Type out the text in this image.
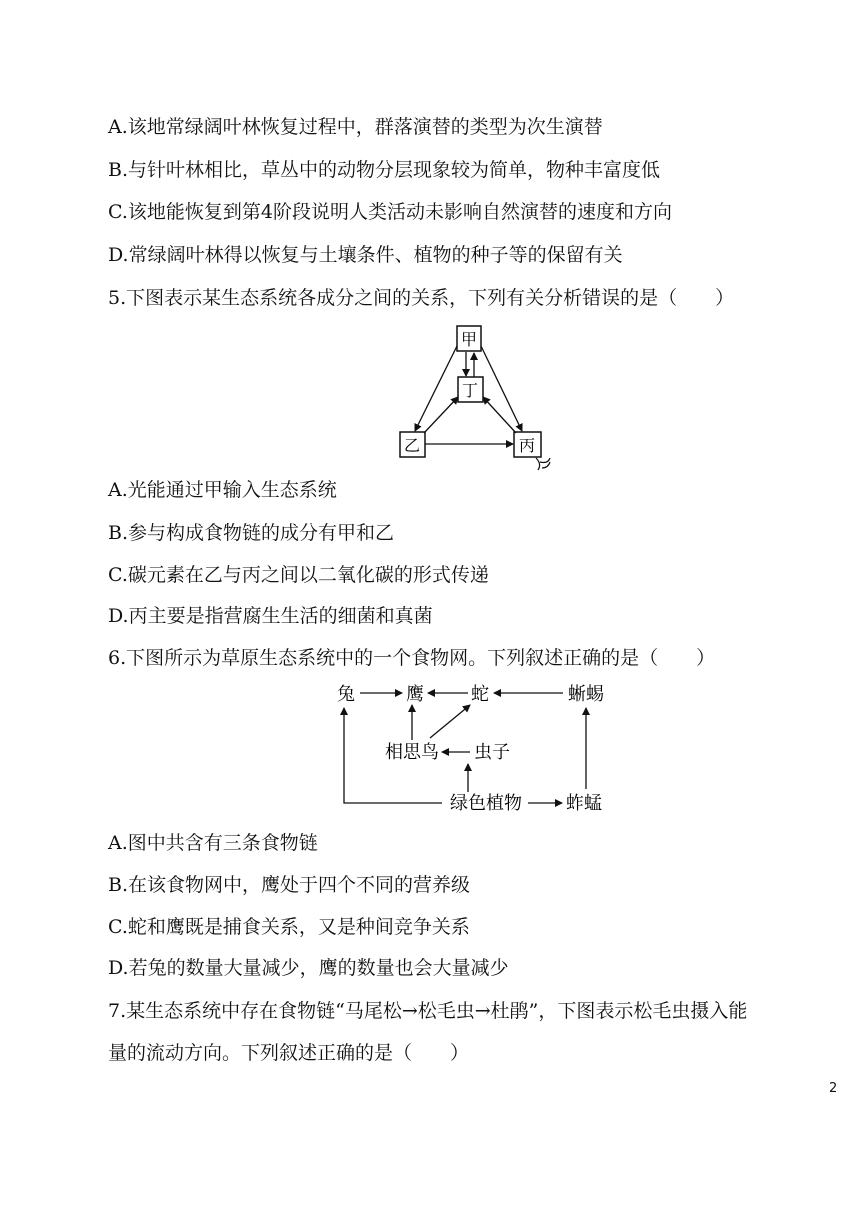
A.该地常绿阔叶林恢复过程中，群落演替的类型为次生演替
B.与针叶林相比，草丛中的动物分层现象较为简单，物种丰富度低
C.该地能恢复到第4阶段说明人类活动未影响自然演替的速度和方向
D.常绿阔叶林得以恢复与土壤条件、植物的种子等的保留有关
5.下图表示某生态系统各成分之间的关系，下列有关分析错误的是（　　）
甲
丁
乙	丙
A.光能通过甲输入生态系统
B.参与构成食物链的成分有甲和乙
C.碳元素在乙与丙之间以二氧化碳的形式传递
D.丙主要是指营腐生生活的细菌和真菌
6.下图所示为草原生态系统中的一个食物网。下列叙述正确的是（　　）
兔	鹰	蛇	蜥蜴
相思鸟 虫子
绿色植物 蚱蜢
A.图中共含有三条食物链
B.在该食物网中，鹰处于四个不同的营养级
C.蛇和鹰既是捕食关系，又是种间竞争关系
D.若兔的数量大量减少，鹰的数量也会大量减少
7.某生态系统中存在食物链“马尾松→松毛虫→杜鹃”，下图表示松毛虫摄入能
量的流动方向。下列叙述正确的是（　　）
2
